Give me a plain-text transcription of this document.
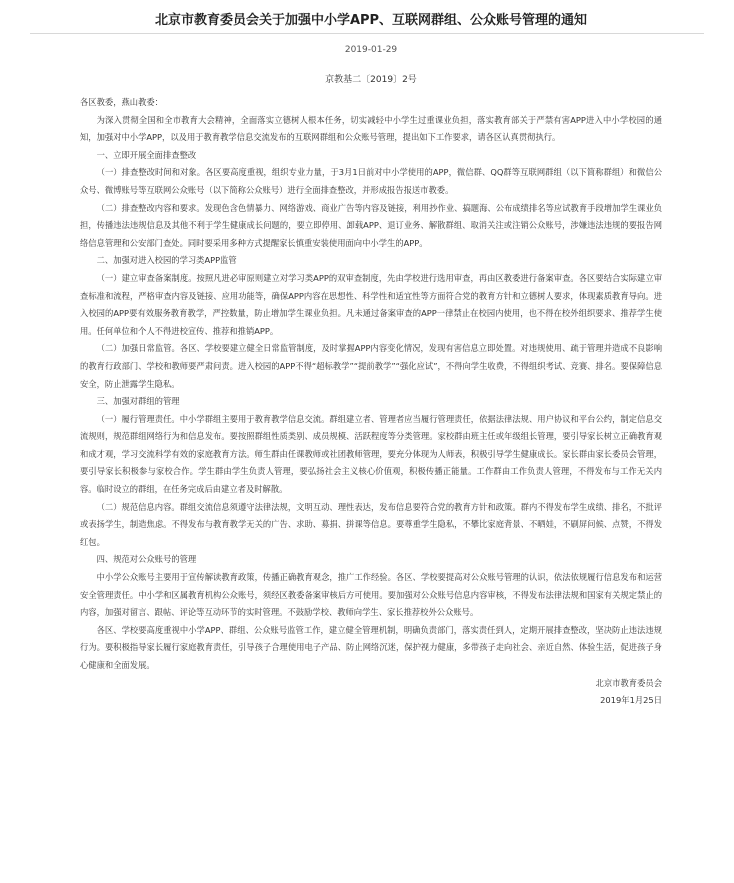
北京市教育委员会关于加强中小学APP、互联网群组、公众账号管理的通知
2019-01-29
京教基二〔2019〕2号

各区教委，燕山教委：

为深入贯彻全国和全市教育大会精神，全面落实立德树人根本任务，切实减轻中小学生过重课业负担，落实教育部关于严禁有害APP进入中小学校园的通知，加强对中小学APP，以及用于教育教学信息交流发布的互联网群组和公众账号管理，提出如下工作要求，请各区认真贯彻执行。

一、立即开展全面排查整改

（一）排查整改时间和对象。各区要高度重视，组织专业力量，于3月1日前对中小学使用的APP，微信群、QQ群等互联网群组（以下简称群组）和微信公众号、微博账号等互联网公众账号（以下简称公众账号）进行全面排查整改，并形成报告报送市教委。

（二）排查整改内容和要求。发现色含色情暴力、网络游戏、商业广告等内容及链接，利用抄作业、搞题海、公布成绩排名等应试教育手段增加学生课业负担，传播违法违规信息及其他不利于学生健康成长问题的，要立即停用、卸载APP、退订业务、解散群组、取消关注或注销公众账号，涉嫌违法违规的要报告网络信息管理和公安部门查处。同时要采用多种方式提醒家长慎重安装使用面向中小学生的APP。

二、加强对进入校园的学习类APP监管

（一）建立审查备案制度。按照凡进必审原则建立对学习类APP的双审查制度，先由学校进行选用审查，再由区教委进行备案审查。各区要结合实际建立审查标准和流程，严格审查内容及链接、应用功能等，确保APP内容在思想性、科学性和适宜性等方面符合党的教育方针和立德树人要求，体现素质教育导向。进入校园的APP要有效服务教育教学，严控数量，防止增加学生课业负担。凡未通过备案审查的APP一律禁止在校园内使用，也不得在校外组织要求、推荐学生使用。任何单位和个人不得进校宣传、推荐和推销APP。

（二）加强日常监管。各区、学校要建立健全日常监管制度，及时掌握APP内容变化情况，发现有害信息立即处置。对违规使用、疏于管理并造成不良影响的教育行政部门、学校和教师要严肃问责。进入校园的APP不得“超标教学”“提前教学”“强化应试”，不得向学生收费，不得组织考试、竞赛、排名。要保障信息安全，防止泄露学生隐私。

三、加强对群组的管理

（一）履行管理责任。中小学群组主要用于教育教学信息交流。群组建立者、管理者应当履行管理责任，依据法律法规、用户协议和平台公约，制定信息交流规则，规范群组网络行为和信息发布。要按照群组性质类别、成员规模、活跃程度等分类管理。家校群由班主任或年级组长管理，要引导家长树立正确教育观和成才观，学习交流科学有效的家庭教育方法。师生群由任课教师或社团教师管理，要充分体现为人师表，积极引导学生健康成长。家长群由家长委员会管理，要引导家长积极参与家校合作。学生群由学生负责人管理，要弘扬社会主义核心价值观，积极传播正能量。工作群由工作负责人管理，不得发布与工作无关内容。临时设立的群组，在任务完成后由建立者及时解散。

（二）规范信息内容。群组交流信息须遵守法律法规，文明互动、理性表达，发布信息要符合党的教育方针和政策。群内不得发布学生成绩、排名，不批评或表扬学生，制造焦虑。不得发布与教育教学无关的广告、求助、募捐、拼课等信息。要尊重学生隐私，不攀比家庭背景、不晒娃，不刷屏问候、点赞，不得发红包。

四、规范对公众账号的管理

中小学公众账号主要用于宣传解读教育政策，传播正确教育观念，推广工作经验。各区、学校要提高对公众账号管理的认识，依法依规履行信息发布和运营安全管理责任。中小学和区属教育机构公众账号，须经区教委备案审核后方可使用。要加强对公众账号信息内容审核，不得发布法律法规和国家有关规定禁止的内容，加强对留言、跟帖、评论等互动环节的实时管理。不鼓励学校、教师向学生、家长推荐校外公众账号。

各区、学校要高度重视中小学APP、群组、公众账号监管工作，建立健全管理机制，明确负责部门，落实责任到人，定期开展排查整改，坚决防止违法违规行为。要积极指导家长履行家庭教育责任，引导孩子合理使用电子产品、防止网络沉迷，保护视力健康，多带孩子走向社会、亲近自然、体验生活，促进孩子身心健康和全面发展。

北京市教育委员会

2019年1月25日
